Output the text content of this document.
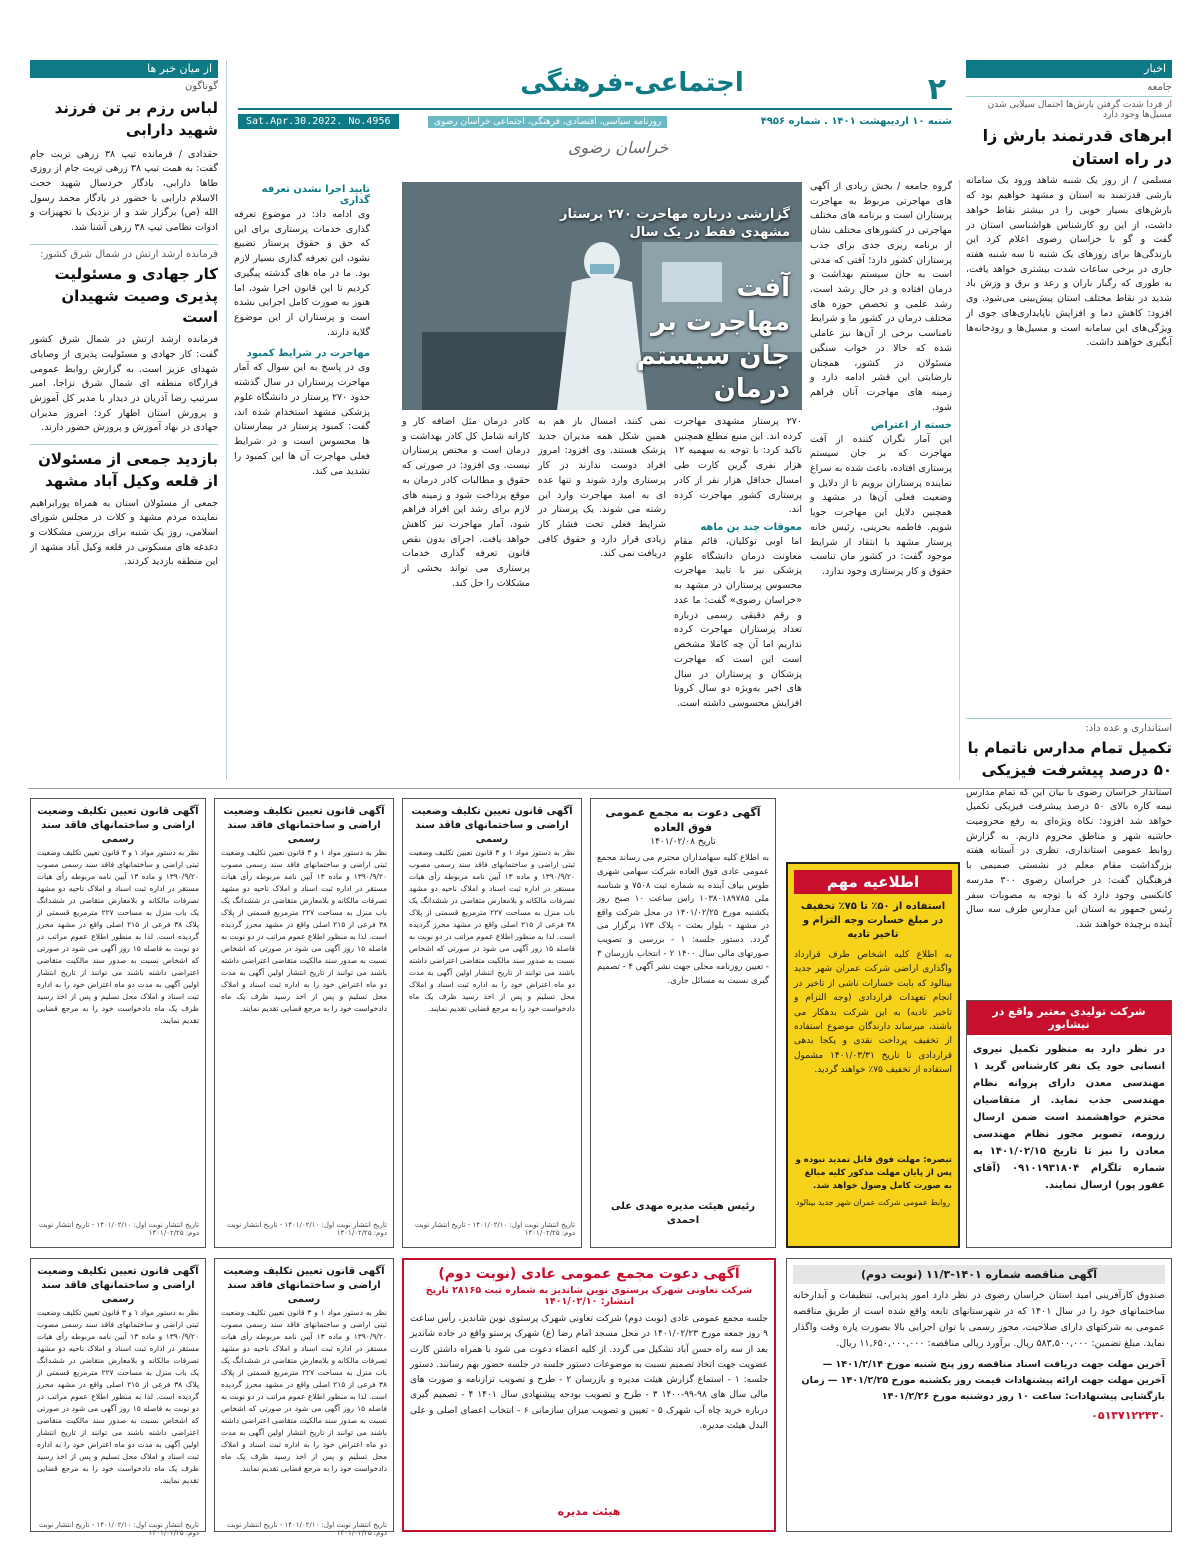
۲
اجتماعی-فرهنگی
شنبه ۱۰ اردیبهشت ۱۴۰۱ . شماره ۴۹۵۶
روزنامه سیاسی، اقتصادی، فرهنگی، اجتماعی خراسان رضوی
Sat.Apr.30.2022. No.4956
خراسان رضوی
اخبار
جامعه
از فردا شدت گرفتن بارش‌ها احتمال سیلابی شدن مسیل‌ها وجود دارد
ابرهای قدرتمند بارش زا در راه استان

مسلمی / از روز یک شنبه شاهد ورود یک سامانه بارشی قدرتمند به استان و مشهد خواهیم بود که بارش‌های بسیار خوبی را در بیشتر نقاط خواهد داشت، از این رو کارشناس هواشناسی استان در گفت و گو با خراسان رضوی اعلام کرد این بارندگی‌ها برای روزهای یک شنبه تا سه شنبه هفته جاری در برخی ساعات شدت بیشتری خواهد یافت، به طوری که رگبار باران و رعد و برق و وزش باد شدید در نقاط مختلف استان پیش‌بینی می‌شود. وی افزود: کاهش دما و افزایش ناپایداری‌های جوی از ویژگی‌های این سامانه است و مسیل‌ها و رودخانه‌ها آبگیری خواهند داشت.

استانداری و عده داد:
تکمیل تمام مدارس ناتمام با ۵۰ درصد پیشرفت فیزیکی

استاندار خراسان رضوی با بیان این که تمام مدارس نیمه کاره بالای ۵۰ درصد پیشرفت فیزیکی تکمیل خواهد شد افزود: نکاه ویژه‌ای به رفع محرومیت حاشیه شهر و مناطق محروم داریم. به گزارش روابط عمومی استانداری، نظری در آستانه هفته بزرگداشت مقام معلم در نشستی صمیمی با فرهنگیان گفت: در خراسان رضوی ۳۰۰ مدرسه کانکسی وجود دارد که با توجه به مصوبات سفر رئیس جمهور به استان این مدارس طرف سه سال آینده برچیده خواهند شد.

گروه جامعه / بخش زیادی از آگهی های مهاجرتی مربوط به مهاجرت پرستاران است و برنامه های مختلف مهاجرتی در کشورهای مختلف نشان از برنامه ریزی جدی برای جذب پرستاران کشور دارد؛ آفتی که مدتی است به جان سیستم بهداشت و درمان افتاده و در حال رشد است. رشد علمی و تخصص حوزه های مختلف درمان در کشور ما و شرایط نامناسب برخی از آن‌ها نیز عاملی شده که حالا در خواب سنگین مسئولان در کشور، همچنان نارضایتی این قشر ادامه دارد و زمینه های مهاجرت آنان فراهم شود.

خسته از اعتراض

این آمار نگران کننده از آفت مهاجرت که بر جان سیستم پرستاری افتاده، باعث شده به سراغ نماینده پرستاران برویم تا از دلایل و وضعیت فعلی آن‌ها در مشهد و همچنین دلایل این مهاجرت جویا شویم. فاطمه بحرینی، رئیس خانه پرستار مشهد با انتقاد از شرایط موجود گفت: در کشور مان تناسب حقوق و کار پرستاری وجود ندارد.

گزارشی درباره مهاجرت ۲۷۰ پرستار مشهدی فقط در یک سال
آفت مهاجرت بر جان سیستم درمان

۲۷۰ پرستار مشهدی مهاجرت کرده اند. این منبع مطلع همچنین تاکید کرد: با توجه به سهمیه ۱۲ هزار نفری گرین کارت طی امسال حداقل هزار نفر از کادر پرستاری کشور مهاجرت کرده اند.

معوقات چند ین ماهه

اما اوبی توکلیان، قائم مقام معاونت درمان دانشگاه علوم پزشکی نیز با تایید مهاجرت محسوس پرستاران در مشهد به «خراسان رضوی» گفت: ما عدد و رقم دقیقی رسمی درباره تعداد پرستاران مهاجرت کرده نداریم اما آن چه کاملا مشخص است این است که مهاجرت پزشکان و پرستاران در سال های اخیر به‌ویژه دو سال کرونا افزایش محسوسی داشته است.

نمی کنند، امسال باز هم به همین شکل همه مدیران جدید پزشک هستند. وی افزود: امروز افراد دوست ندارند در کار پرستاری وارد شوند و تنها عده ای به امید مهاجرت وارد این رشته می شوند. یک پرستار در شرایط فعلی تحت فشار کار زیادی قرار دارد و حقوق کافی دریافت نمی کند.

کادر درمان مثل اضافه کار و کارانه شامل کل کادر بهداشت و درمان است و مختص پرستاران نیست. وی افزود: در صورتی که حقوق و مطالبات کادر درمان به موقع پرداخت شود و زمینه های لازم برای رشد این افراد فراهم شود، آمار مهاجرت نیز کاهش خواهد یافت. اجرای بدون نقص قانون تعرفه گذاری خدمات پرستاری می تواند بخشی از مشکلات را حل کند.

تایید اجرا نشدن تعرفه گذاری

وی ادامه داد: در موضوع تعرفه گذاری خدمات پرستاری برای این که حق و حقوق پرستار تضییع نشود، این تعرفه گذاری بسیار لازم بود. ما در ماه های گذشته پیگیری کردیم تا این قانون اجرا شود، اما هنوز به صورت کامل اجرایی نشده است و پرستاران از این موضوع گلایه دارند.

مهاجرت در شرایط کمبود

وی در پاسخ به این سوال که آمار مهاجرت پرستاران در سال گذشته حدود ۲۷۰ پرستار در دانشگاه علوم پزشکی مشهد استخدام شده اند، گفت: کمبود پرستار در بیمارستان ها محسوس است و در شرایط فعلی مهاجرت آن ها این کمبود را تشدید می کند.

از میان خبر ها
گوناگون
لباس رزم بر تن فرزند شهید دارابی

حقدادی / فرمانده تیپ ۳۸ زرهی تربت جام گفت: به همت تیپ ۳۸ زرهی تربت جام از روزی طاها دارابی، یادگار خردسال شهید حجت الاسلام دارابی با حضور در یادگار محمد رسول الله (ص) برگزار شد و از نزدیک با تجهیزات و ادوات نظامی تیپ ۳۸ زرهی آشنا شد.

فرمانده ارشد ارتش در شمال شرق کشور:
کار جهادی و مسئولیت پذیری وصیت شهیدان است

فرمانده ارشد ارتش در شمال شرق کشور گفت: کار جهادی و مسئولیت پذیری از وصایای شهدای عزیز است. به گزارش روابط عمومی قرارگاه منطقه ای شمال شرق نزاجا، امیر سرتیپ رضا آذریان در دیدار با مدیر کل آموزش و پرورش استان اظهار کرد: امروز مدیران جهادی در نهاد آموزش و پرورش حضور دارند.

بازدید جمعی از مسئولان از قلعه وکیل آباد مشهد

جمعی از مسئولان استان به همراه پورابراهیم نماینده مردم مشهد و کلات در مجلس شورای اسلامی، روز یک شنبه برای بررسی مشکلات و دغدغه های مسکونی در قلعه وکیل آباد مشهد از این منطقه بازدید کردند.

آگهی قانون تعیین تکلیف وضعیت اراضی و ساختمانهای فاقد سند رسمی
نظر به دستور مواد ۱ و ۳ قانون تعیین تکلیف وضعیت ثبتی اراضی و ساختمانهای فاقد سند رسمی مصوب ۱۳۹۰/۹/۲۰ و ماده ۱۳ آیین نامه مربوطه رأی هیات مستقر در اداره ثبت اسناد و املاک ناحیه دو مشهد تصرفات مالکانه و بلامعارض متقاضی در ششدانگ یک باب منزل به مساحت ۲۲۷ مترمربع قسمتی از پلاک ۳۸ فرعی از ۲۱۵ اصلی واقع در مشهد محرز گردیده است. لذا به منظور اطلاع عموم مراتب در دو نوبت به فاصله ۱۵ روز آگهی می شود در صورتی که اشخاص نسبت به صدور سند مالکیت متقاضی اعتراضی داشته باشند می توانند از تاریخ انتشار اولین آگهی به مدت دو ماه اعتراض خود را به اداره ثبت اسناد و املاک محل تسلیم و پس از اخذ رسید ظرف یک ماه دادخواست خود را به مرجع قضایی تقدیم نمایند.
تاریخ انتشار نوبت اول: ۱۴۰۱/۰۲/۱۰ - تاریخ انتشار نوبت دوم: ۱۴۰۱/۰۲/۲۵
آگهی قانون تعیین تکلیف وضعیت اراضی و ساختمانهای فاقد سند رسمی
نظر به دستور مواد ۱ و ۳ قانون تعیین تکلیف وضعیت ثبتی اراضی و ساختمانهای فاقد سند رسمی مصوب ۱۳۹۰/۹/۲۰ و ماده ۱۳ آیین نامه مربوطه رأی هیات مستقر در اداره ثبت اسناد و املاک ناحیه دو مشهد تصرفات مالکانه و بلامعارض متقاضی در ششدانگ یک باب منزل به مساحت ۲۲۷ مترمربع قسمتی از پلاک ۳۸ فرعی از ۲۱۵ اصلی واقع در مشهد محرز گردیده است. لذا به منظور اطلاع عموم مراتب در دو نوبت به فاصله ۱۵ روز آگهی می شود در صورتی که اشخاص نسبت به صدور سند مالکیت متقاضی اعتراضی داشته باشند می توانند از تاریخ انتشار اولین آگهی به مدت دو ماه اعتراض خود را به اداره ثبت اسناد و املاک محل تسلیم و پس از اخذ رسید ظرف یک ماه دادخواست خود را به مرجع قضایی تقدیم نمایند.
تاریخ انتشار نوبت اول: ۱۴۰۱/۰۲/۱۰ - تاریخ انتشار نوبت دوم: ۱۴۰۱/۰۲/۲۵
آگهی قانون تعیین تکلیف وضعیت اراضی و ساختمانهای فاقد سند رسمی
نظر به دستور مواد ۱ و ۳ قانون تعیین تکلیف وضعیت ثبتی اراضی و ساختمانهای فاقد سند رسمی مصوب ۱۳۹۰/۹/۲۰ و ماده ۱۳ آیین نامه مربوطه رأی هیات مستقر در اداره ثبت اسناد و املاک ناحیه دو مشهد تصرفات مالکانه و بلامعارض متقاضی در ششدانگ یک باب منزل به مساحت ۲۲۷ مترمربع قسمتی از پلاک ۳۸ فرعی از ۲۱۵ اصلی واقع در مشهد محرز گردیده است. لذا به منظور اطلاع عموم مراتب در دو نوبت به فاصله ۱۵ روز آگهی می شود در صورتی که اشخاص نسبت به صدور سند مالکیت متقاضی اعتراضی داشته باشند می توانند از تاریخ انتشار اولین آگهی به مدت دو ماه اعتراض خود را به اداره ثبت اسناد و املاک محل تسلیم و پس از اخذ رسید ظرف یک ماه دادخواست خود را به مرجع قضایی تقدیم نمایند.
تاریخ انتشار نوبت اول: ۱۴۰۱/۰۲/۱۰ - تاریخ انتشار نوبت دوم: ۱۴۰۱/۰۲/۲۵
آگهی دعوت به مجمع عمومی فوق العاده
تاریخ ۱۴۰۱/۰۲/۰۸
به اطلاع کلیه سهامداران محترم می رساند مجمع عمومی عادی فوق العاده شرکت سهامی شهری طوس بیاف آینده به شماره ثبت ۷۵۰۸ و شناسه ملی ۱۰۳۸۰۱۸۹۷۸۵ راس ساعت ۱۰ صبح روز یکشنبه مورخ ۱۴۰۱/۰۲/۲۵ در محل شرکت واقع در مشهد - بلوار بعثت - پلاک ۱۷۳ برگزار می گردد. دستور جلسه: ۱ - بررسی و تصویب صورتهای مالی سال ۱۴۰۰ ۲ - انتخاب بازرسان ۳ - تعیین روزنامه محلی جهت نشر آگهی ۴ - تصمیم گیری نسبت به مسائل جاری.
رئیس هیئت مدیره مهدی علی احمدی
اطلاعیه مهم
استفاده از ۵۰٪ تا ۷۵٪ تخفیف در مبلغ خسارت وجه التزام و تاخیر تادیه
به اطلاع کلیه اشخاص طرف قرارداد واگذاری اراضی شرکت عمران شهر جدید بینالود که بابت خسارات ناشی از تاخیر در انجام تعهدات قراردادی (وجه التزام و تاخیر تادیه) به این شرکت بدهکار می باشند، میرساند دارندگان موضوع استفاده از تخفیف پرداخت نقدی و یکجا بدهی قراردادی تا تاریخ ۱۴۰۱/۰۳/۳۱ مشمول استفاده از تخفیف ۷۵٪ خواهند گردید.
تبصره: مهلت فوق قابل تمدید نبوده و پس از پایان مهلت مذکور کلیه مبالغ به صورت کامل وصول خواهد شد.
روابط عمومی شرکت عمران شهر جدید بینالود
شرکت تولیدی معتبر واقع در نیشابور
در نظر دارد به منظور تکمیل نیروی انسانی خود یک نفر کارشناس گرید ۱ مهندسی معدن دارای پروانه نظام مهندسی جذب نماید. از متقاضیان محترم خواهشمند است ضمن ارسال رزومه، تصویر مجوز نظام مهندسی معادن را نیز تا تاریخ ۱۴۰۱/۰۲/۱۵ به شماره تلگرام ۰۹۱۰۱۹۳۱۸۰۴ (آقای غفور پور) ارسال نمایند.
آگهی قانون تعیین تکلیف وضعیت اراضی و ساختمانهای فاقد سند رسمی
نظر به دستور مواد ۱ و ۳ قانون تعیین تکلیف وضعیت ثبتی اراضی و ساختمانهای فاقد سند رسمی مصوب ۱۳۹۰/۹/۲۰ و ماده ۱۳ آیین نامه مربوطه رأی هیات مستقر در اداره ثبت اسناد و املاک ناحیه دو مشهد تصرفات مالکانه و بلامعارض متقاضی در ششدانگ یک باب منزل به مساحت ۲۲۷ مترمربع قسمتی از پلاک ۳۸ فرعی از ۲۱۵ اصلی واقع در مشهد محرز گردیده است. لذا به منظور اطلاع عموم مراتب در دو نوبت به فاصله ۱۵ روز آگهی می شود در صورتی که اشخاص نسبت به صدور سند مالکیت متقاضی اعتراضی داشته باشند می توانند از تاریخ انتشار اولین آگهی به مدت دو ماه اعتراض خود را به اداره ثبت اسناد و املاک محل تسلیم و پس از اخذ رسید ظرف یک ماه دادخواست خود را به مرجع قضایی تقدیم نمایند.
تاریخ انتشار نوبت اول: ۱۴۰۱/۰۲/۱۰ - تاریخ انتشار نوبت دوم: ۱۴۰۱/۰۲/۲۵
آگهی قانون تعیین تکلیف وضعیت اراضی و ساختمانهای فاقد سند رسمی
نظر به دستور مواد ۱ و ۳ قانون تعیین تکلیف وضعیت ثبتی اراضی و ساختمانهای فاقد سند رسمی مصوب ۱۳۹۰/۹/۲۰ و ماده ۱۳ آیین نامه مربوطه رأی هیات مستقر در اداره ثبت اسناد و املاک ناحیه دو مشهد تصرفات مالکانه و بلامعارض متقاضی در ششدانگ یک باب منزل به مساحت ۲۲۷ مترمربع قسمتی از پلاک ۳۸ فرعی از ۲۱۵ اصلی واقع در مشهد محرز گردیده است. لذا به منظور اطلاع عموم مراتب در دو نوبت به فاصله ۱۵ روز آگهی می شود در صورتی که اشخاص نسبت به صدور سند مالکیت متقاضی اعتراضی داشته باشند می توانند از تاریخ انتشار اولین آگهی به مدت دو ماه اعتراض خود را به اداره ثبت اسناد و املاک محل تسلیم و پس از اخذ رسید ظرف یک ماه دادخواست خود را به مرجع قضایی تقدیم نمایند.
تاریخ انتشار نوبت اول: ۱۴۰۱/۰۲/۱۰ - تاریخ انتشار نوبت دوم: ۱۴۰۱/۰۲/۲۵
آگهی دعوت مجمع عمومی عادی (نوبت دوم)
شرکت تعاونی شهرک پرستوی نوین شاندیز به شماره ثبت ۲۸۱۶۵ تاریخ انتشار: ۱۴۰۱/۰۲/۱۰
جلسه مجمع عمومی عادی (نوبت دوم) شرکت تعاونی شهرک پرستوی نوین شاندیز، رأس ساعت ۹ روز جمعه مورخ ۱۴۰۱/۰۲/۲۳ در محل مسجد امام رضا (ع) شهرک پرستو واقع در جاده شاندیز بعد از سه راه حسن آباد تشکیل می گردد. از کلیه اعضاء دعوت می شود با همراه داشتن کارت عضویت جهت اتخاذ تصمیم نسبت به موضوعات دستور جلسه در جلسه حضور بهم رسانند. دستور جلسه: ۱ - استماع گزارش هیئت مدیره و بازرسان ۲ - طرح و تصویب ترازنامه و صورت های مالی سال های ۹۸-۹۹-۱۴۰۰ ۳ - طرح و تصویب بودجه پیشنهادی سال ۱۴۰۱ ۴ - تصمیم گیری درباره خرید چاه آب شهرک ۵ - تعیین و تصویب میزان سازمانی ۶ - انتخاب اعضای اصلی و علی البدل هیئت مدیره.
هیئت مدیره
آگهی مناقصه شماره ۱۴۰۱-۱۱/۳ (نوبت دوم)
صندوق کارآفرینی امید استان خراسان رضوی در نظر دارد امور پذیرایی، تنظیفات و آبدارخانه ساختمانهای خود را در سال ۱۴۰۱ که در شهرستانهای تابعه واقع شده است از طریق مناقصه عمومی به شرکتهای دارای صلاحیت، مجوز رسمی با توان اجرایی بالا بصورت پاره وقت واگذار نماید. مبلغ تضمین: ۵۸۳,۵۰۰,۰۰۰ ریال. برآورد ریالی مناقصه: ۱۱,۶۵۰,۰۰۰,۰۰۰ ریال.
آخرین مهلت جهت دریافت اسناد مناقصه روز پنج شنبه مورخ ۱۴۰۱/۲/۱۴ — آخرین مهلت جهت ارائه پیشنهادات قیمت روز یکشنبه مورخ ۱۴۰۱/۲/۲۵ — زمان بازگشایی پیشنهادات: ساعت ۱۰ روز دوشنبه مورخ ۱۴۰۱/۲/۲۶
۰۵۱۳۷۱۲۲۴۳۰
